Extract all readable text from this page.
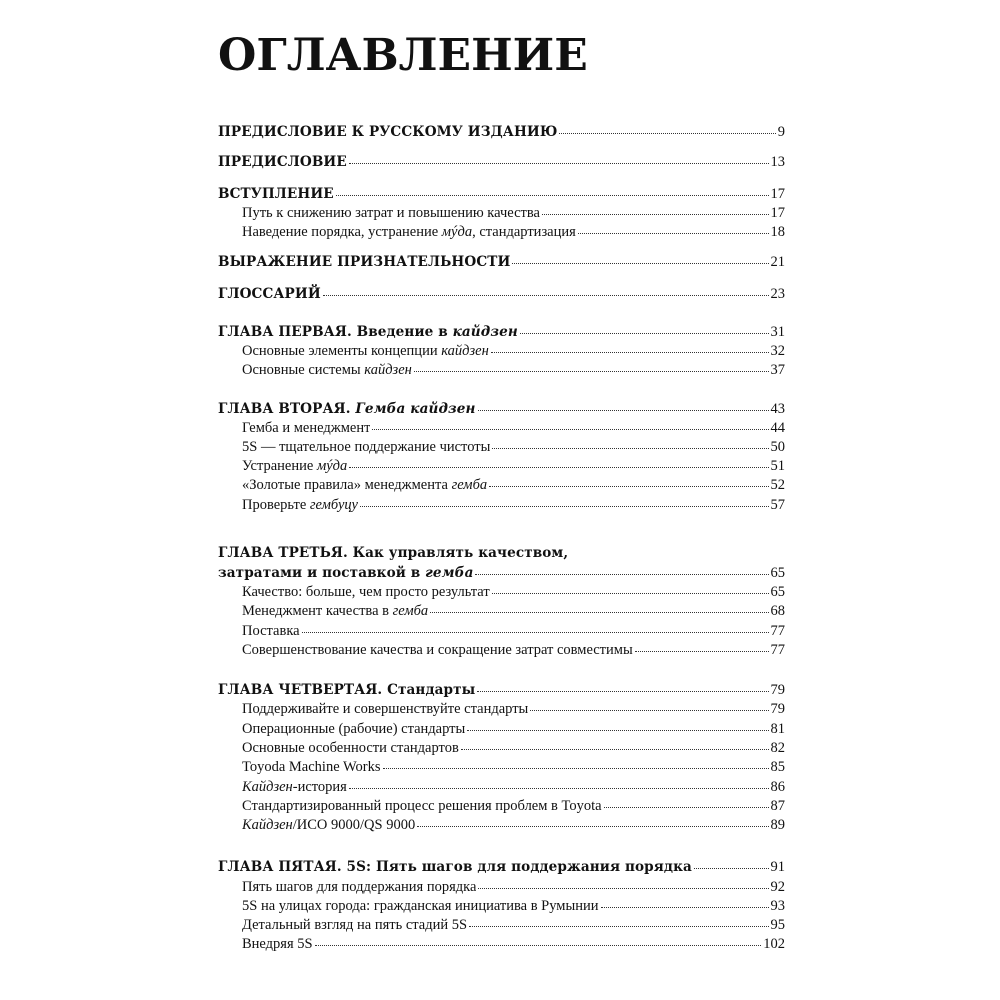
ОГЛАВЛЕНИЕ
ПРЕДИСЛОВИЕ К РУССКОМУ ИЗДАНИЮ	9
ПРЕДИСЛОВИЕ	13
ВСТУПЛЕНИЕ	17
Путь к снижению затрат и повышению качества	17
Наведение порядка, устранение мýда, стандартизация	18
ВЫРАЖЕНИЕ ПРИЗНАТЕЛЬНОСТИ	21
ГЛОССАРИЙ	23
ГЛАВА ПЕРВАЯ. Введение в кайдзен	31
Основные элементы концепции кайдзен	32
Основные системы кайдзен	37
ГЛАВА ВТОРАЯ. Гемба кайдзен	43
Гемба и менеджмент	44
5S — тщательное поддержание чистоты	50
Устранение мýда	51
«Золотые правила» менеджмента гемба	52
Проверьте гембуцу	57
ГЛАВА ТРЕТЬЯ. Как управлять качеством,
затратами и поставкой в гемба	65
Качество: больше, чем просто результат	65
Менеджмент качества в гемба	68
Поставка	77
Совершенствование качества и сокращение затрат совместимы	77
ГЛАВА ЧЕТВЕРТАЯ. Стандарты	79
Поддерживайте и совершенствуйте стандарты	79
Операционные (рабочие) стандарты	81
Основные особенности стандартов	82
Toyoda Machine Works	85
Кайдзен-история	86
Стандартизированный процесс решения проблем в Toyota	87
Кайдзен/ИСО 9000/QS 9000	89
ГЛАВА ПЯТАЯ. 5S: Пять шагов для поддержания порядка	91
Пять шагов для поддержания порядка	92
5S на улицах города: гражданская инициатива в Румынии	93
Детальный взгляд на пять стадий 5S	95
Внедряя 5S	102
